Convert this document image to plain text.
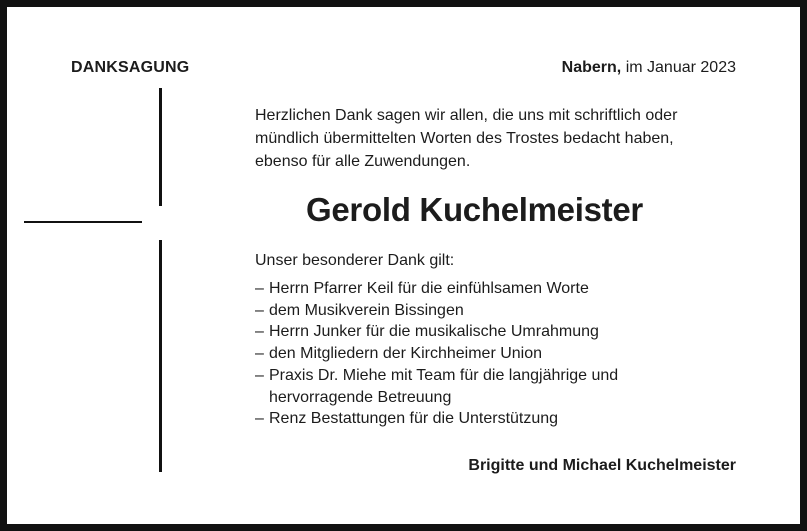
DANKSAGUNG	Nabern, im Januar 2023
Herzlichen Dank sagen wir allen, die uns mit schriftlich oder
mündlich übermittelten Worten des Trostes bedacht haben,
ebenso für alle Zuwendungen.
Gerold Kuchelmeister
Unser besonderer Dank gilt:
– Herrn Pfarrer Keil für die einfühlsamen Worte
– dem Musikverein Bissingen
– Herrn Junker für die musikalische Umrahmung
– den Mitgliedern der Kirchheimer Union
– Praxis Dr. Miehe mit Team für die langjährige und
hervorragende Betreuung
– Renz Bestattungen für die Unterstützung
Brigitte und Michael Kuchelmeister
